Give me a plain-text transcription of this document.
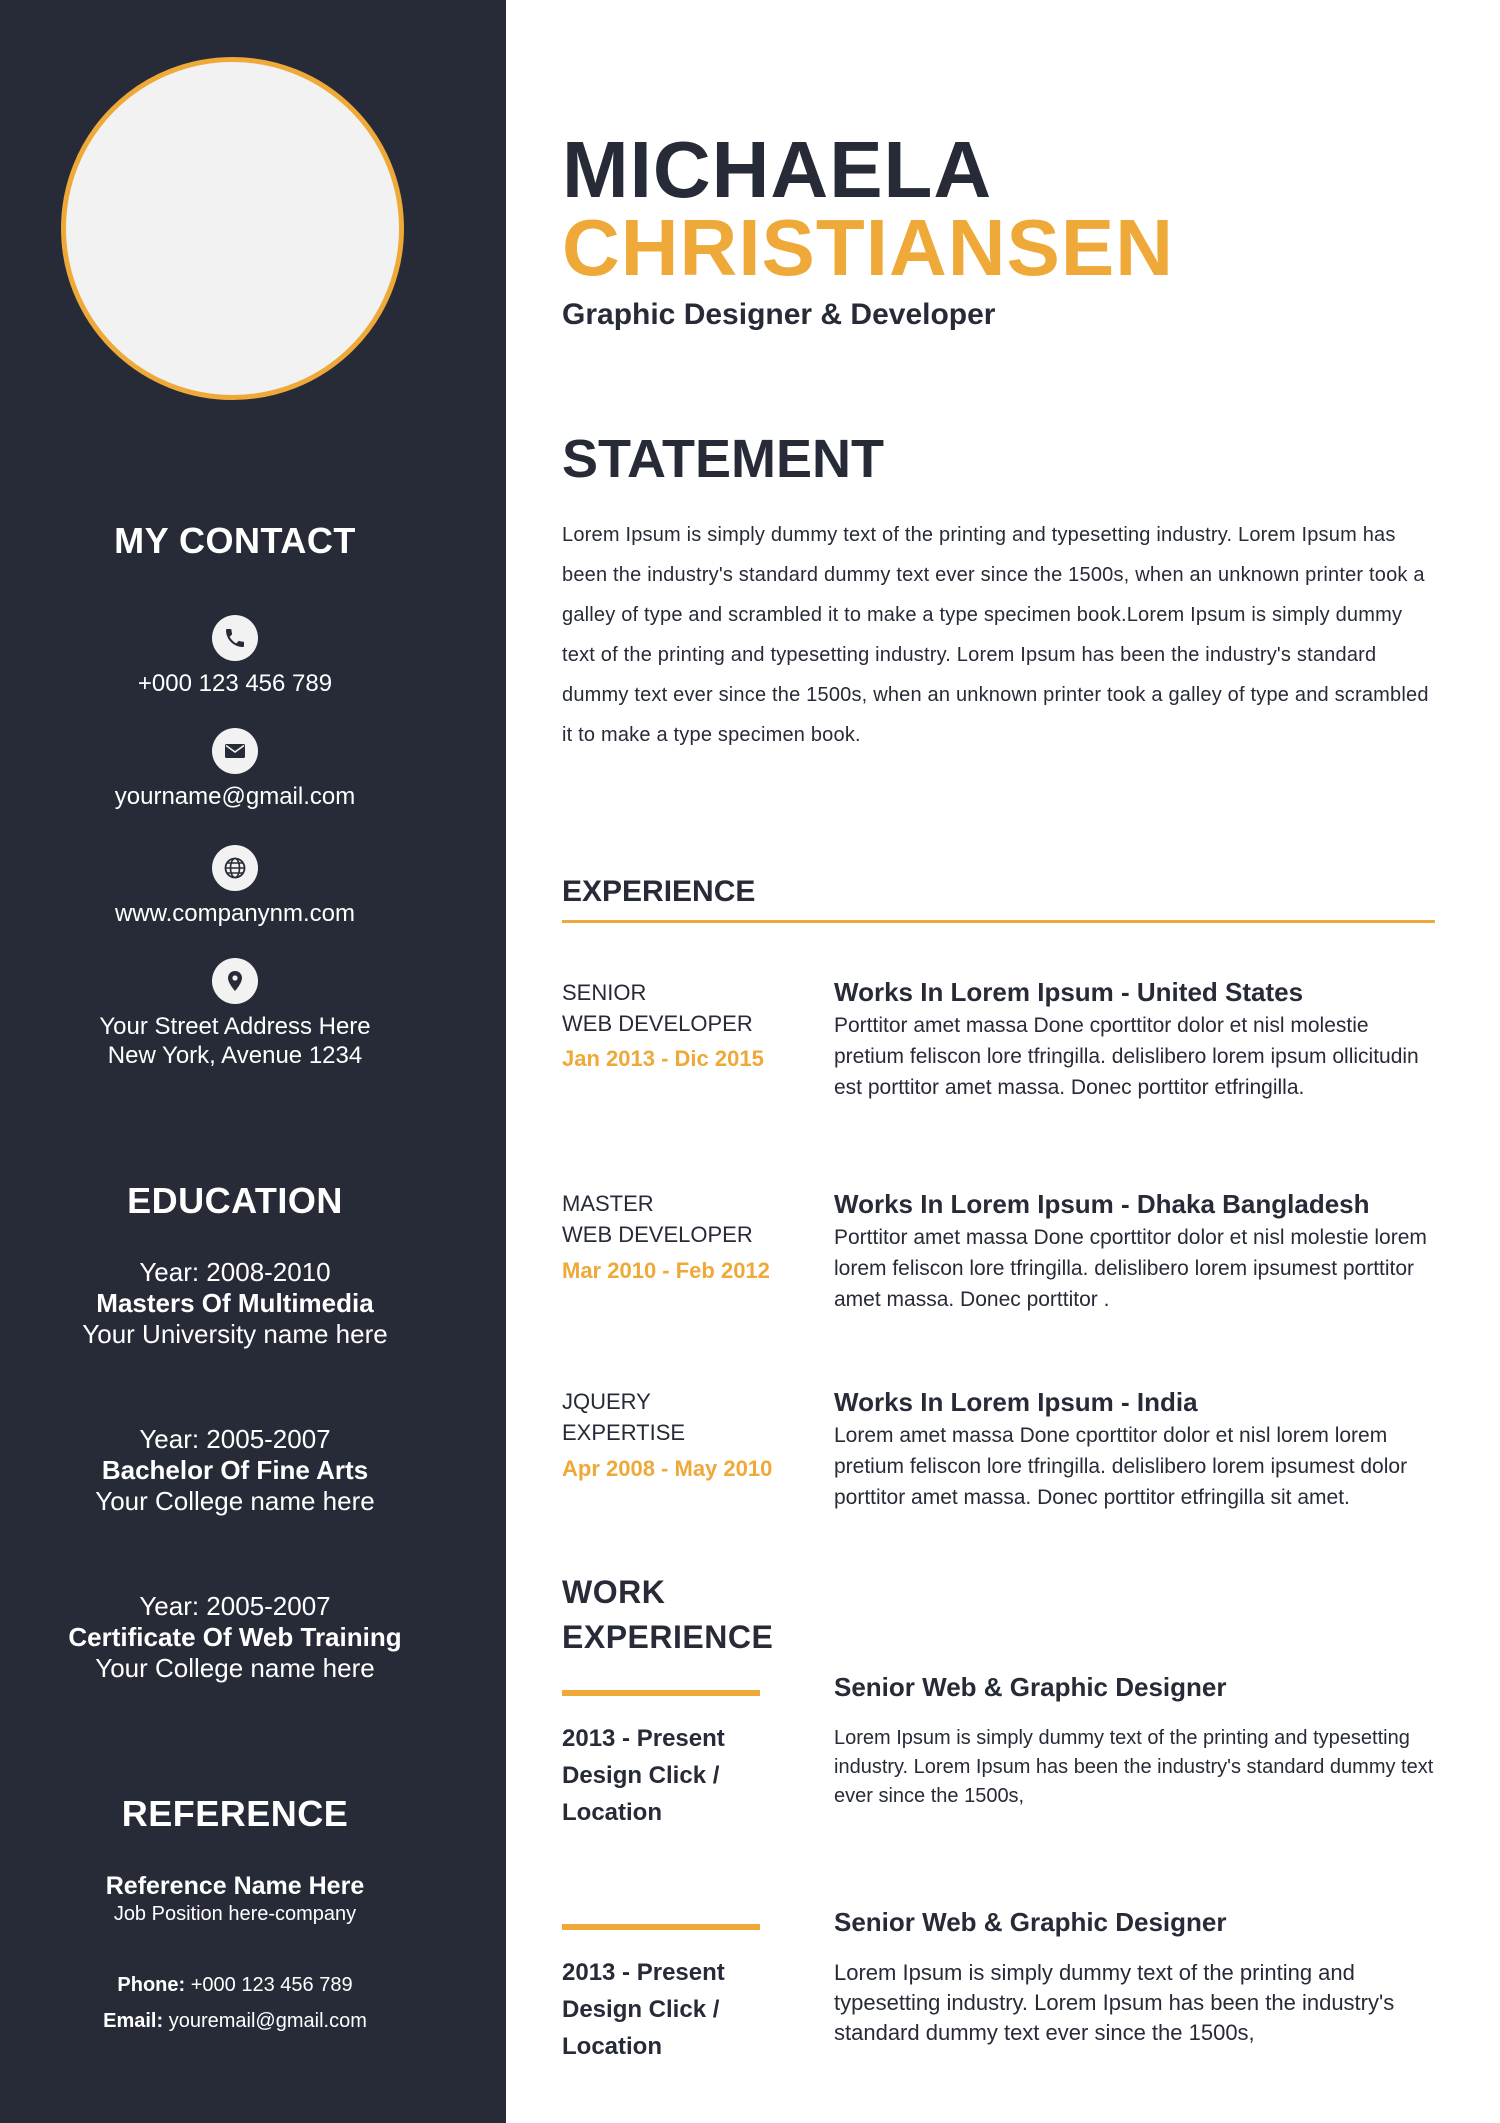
MY CONTACT
+000 123 456 789
yourname@gmail.com
www.companynm.com
Your Street Address Here
New York, Avenue 1234
EDUCATION
Year: 2008-2010
Masters Of Multimedia
Your University name here
Year: 2005-2007
Bachelor Of Fine Arts
Your College name here
Year: 2005-2007
Certificate Of Web Training
Your College name here
REFERENCE
Reference Name Here
Job Position here-company
Phone: +000 123 456 789
Email: youremail@gmail.com
MICHAELA
CHRISTIANSEN
Graphic Designer & Developer
STATEMENT

Lorem Ipsum is simply dummy text of the printing and typesetting industry. Lorem Ipsum has been the industry's standard dummy text ever since the 1500s, when an unknown printer took a galley of type and scrambled it to make a type specimen book.Lorem Ipsum is simply dummy text of the printing and typesetting industry. Lorem Ipsum has been the industry's standard dummy text ever since the 1500s, when an unknown printer took a galley of type and scrambled it to make a type specimen book.

EXPERIENCE
SENIOR
WEB DEVELOPER
Jan 2013 - Dic 2015
Works In Lorem Ipsum - United States

Porttitor amet massa Done cporttitor dolor et nisl molestie pretium feliscon lore tfringilla. delislibero lorem ipsum ollicitudin est porttitor amet massa. Donec porttitor etfringilla.

MASTER
WEB DEVELOPER
Mar 2010 - Feb 2012
Works In Lorem Ipsum - Dhaka Bangladesh

Porttitor amet massa Done cporttitor dolor et nisl molestie lorem lorem feliscon lore tfringilla. delislibero lorem ipsumest porttitor amet massa. Donec porttitor .

JQUERY
EXPERTISE
Apr 2008 - May 2010
Works In Lorem Ipsum - India

Lorem amet massa Done cporttitor dolor et nisl lorem lorem pretium feliscon lore tfringilla. delislibero lorem ipsumest dolor porttitor amet massa. Donec porttitor etfringilla sit amet.

WORK
EXPERIENCE
2013 - Present
Design Click /
Location
Senior Web & Graphic Designer

Lorem Ipsum is simply dummy text of the printing and typesetting industry. Lorem Ipsum has been the industry's standard dummy text ever since the 1500s,

2013 - Present
Design Click /
Location
Senior Web & Graphic Designer

Lorem Ipsum is simply dummy text of the printing and typesetting industry. Lorem Ipsum has been the industry's standard dummy text ever since the 1500s,
